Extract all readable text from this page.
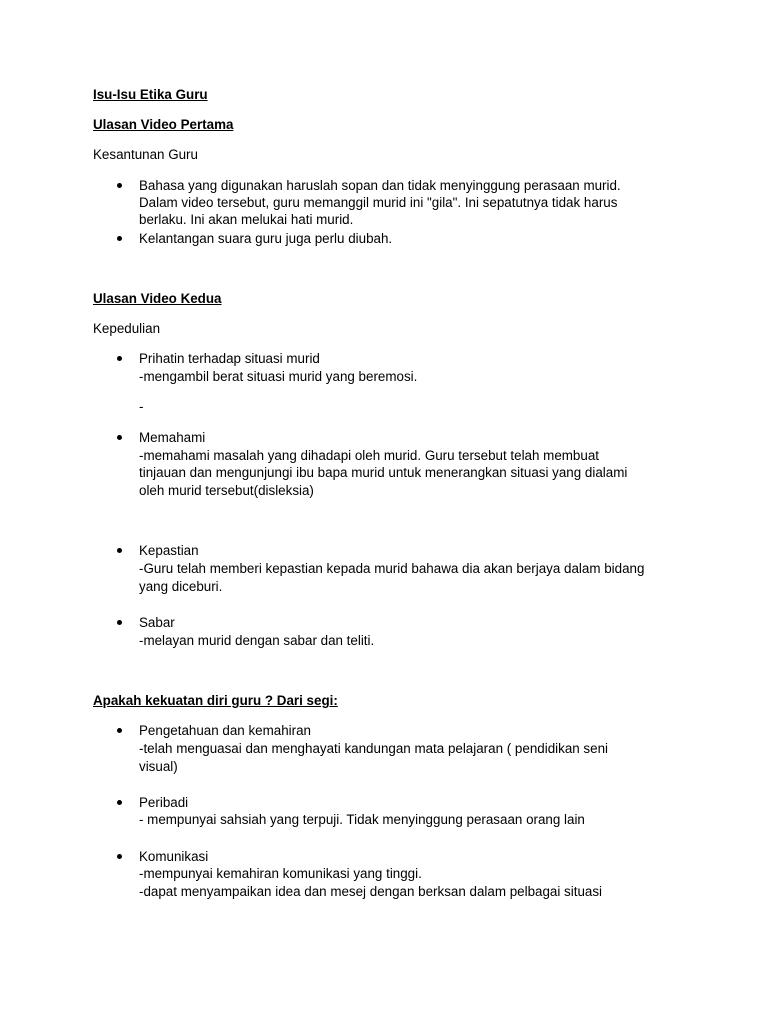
Isu-Isu Etika Guru
Ulasan Video Pertama
Kesantunan Guru
Bahasa yang digunakan haruslah sopan dan tidak menyinggung perasaan murid.
Dalam video tersebut, guru memanggil murid ini "gila". Ini sepatutnya tidak harus
berlaku. Ini akan melukai hati murid.
Kelantangan suara guru juga perlu diubah.
Ulasan Video Kedua
Kepedulian
Prihatin terhadap situasi murid
-mengambil berat situasi murid yang beremosi.
-
Memahami
-memahami masalah yang dihadapi oleh murid. Guru tersebut telah membuat
tinjauan dan mengunjungi ibu bapa murid untuk menerangkan situasi yang dialami
oleh murid tersebut(disleksia)
Kepastian
-Guru telah memberi kepastian kepada murid bahawa dia akan berjaya dalam bidang
yang diceburi.
Sabar
-melayan murid dengan sabar dan teliti.
Apakah kekuatan diri guru ? Dari segi:
Pengetahuan dan kemahiran
-telah menguasai dan menghayati kandungan mata pelajaran ( pendidikan seni
visual)
Peribadi
- mempunyai sahsiah yang terpuji. Tidak menyinggung perasaan orang lain
Komunikasi
-mempunyai kemahiran komunikasi yang tinggi.
-dapat menyampaikan idea dan mesej dengan berksan dalam pelbagai situasi
